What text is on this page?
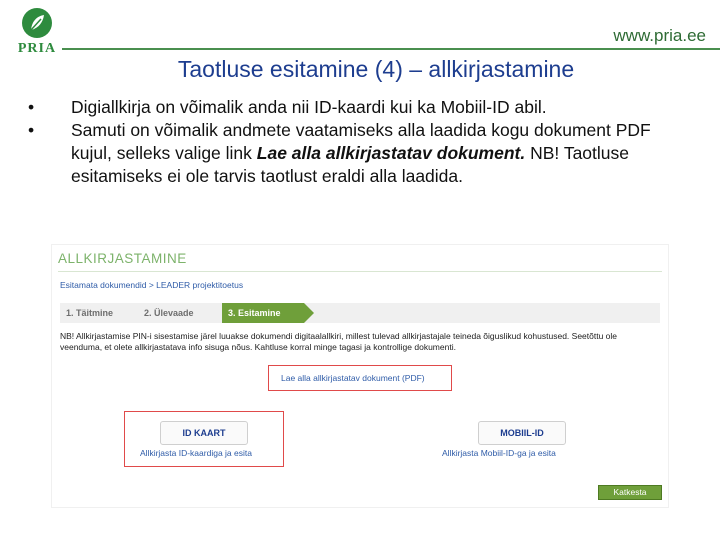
PRIA
www.pria.ee
Taotluse esitamine (4) – allkirjastamine
• Digiallkirja on võimalik anda nii ID-kaardi kui ka Mobiil-ID abil.
• Samuti on võimalik andmete vaatamiseks alla laadida kogu dokument PDF kujul, selleks valige link Lae alla allkirjastatav dokument. NB! Taotluse esitamiseks ei ole tarvis taotlust eraldi alla laadida.
ALLKIRJASTAMINE
Esitamata dokumendid > LEADER projektitoetus
1. Täitmine	2. Ülevaade	3. Esitamine
NB! Allkirjastamise PIN-i sisestamise järel luuakse dokumendi digitaalallkiri, millest tulevad allkirjastajale teineda õiguslikud kohustused. Seetõttu ole veenduma, et olete allkirjastatava info sisuga nõus. Kahtluse korral minge tagasi ja kontrollige dokumenti.
Lae alla allkirjastatav dokument (PDF)
ID KAART
Allkirjasta ID-kaardiga ja esita
MOBIIL-ID
Allkirjasta Mobiil-ID-ga ja esita
Katkesta
